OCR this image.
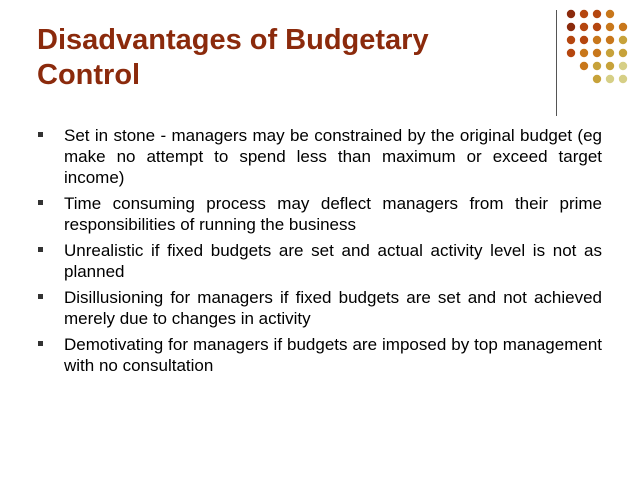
Disadvantages of Budgetary
Control
Set in stone - managers may be constrained by the original budget (eg make no attempt to spend less than maximum or exceed target income)
Time consuming process may deflect managers from their prime responsibilities of running the business
Unrealistic if fixed budgets are set and actual activity level is not as planned
Disillusioning for managers if fixed budgets are set and not achieved merely due to changes in activity
Demotivating for managers if budgets are imposed by top management with no consultation
